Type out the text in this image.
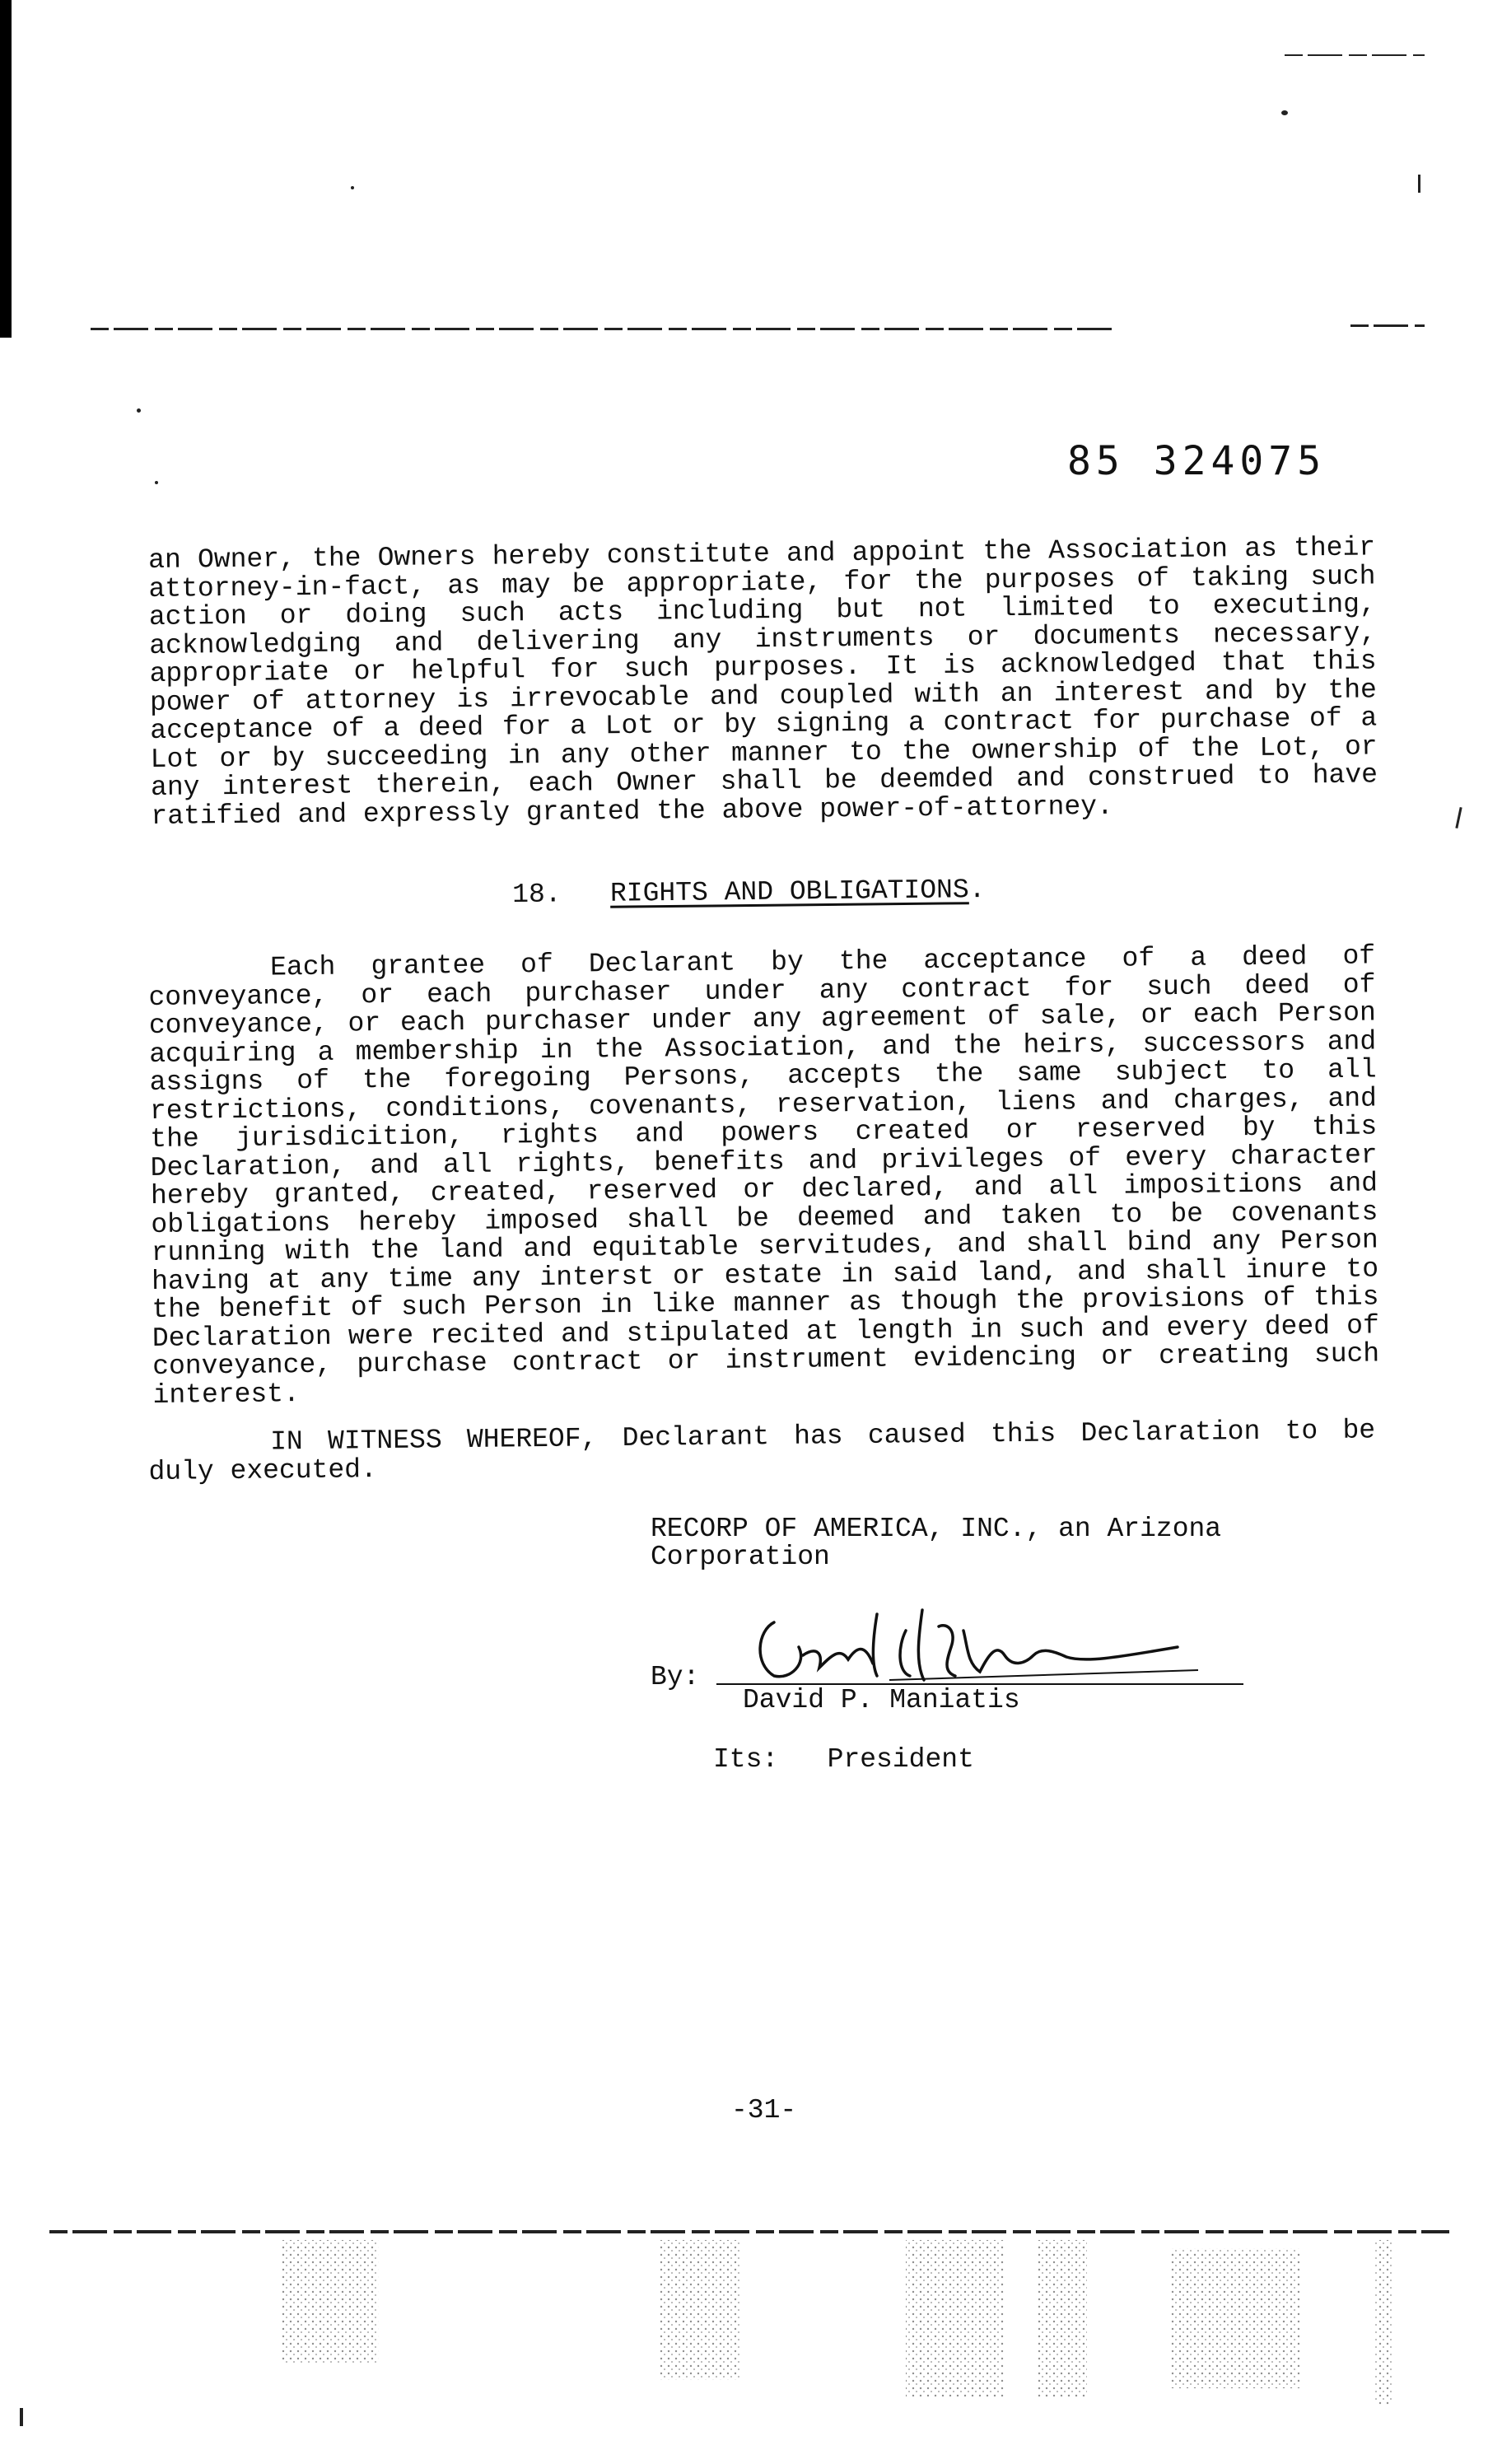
85 324075

an Owner, the Owners hereby constitute and appoint the Association as their attorney-in-fact, as may be appropriate, for the purposes of taking such action or doing such acts including but not limited to executing, acknowledging and delivering any instruments or documents necessary, appropriate or helpful for such purposes. It is acknowledged that this power of attorney is irrevocable and coupled with an interest and by the acceptance of a deed for a Lot or by signing a contract for purchase of a Lot or by succeeding in any other manner to the ownership of the Lot, or any interest therein, each Owner shall be deemded and construed to have ratified and expressly granted the above power-of-attorney.

18. RIGHTS AND OBLIGATIONS.

Each grantee of Declarant by the acceptance of a deed of conveyance, or each purchaser under any contract for such deed of conveyance, or each purchaser under any agreement of sale, or each Person acquiring a membership in the Association, and the heirs, successors and assigns of the foregoing Persons, accepts the same subject to all restrictions, conditions, covenants, reservation, liens and charges, and the jurisdicition, rights and powers created or reserved by this Declaration, and all rights, benefits and privileges of every character hereby granted, created, reserved or declared, and all impositions and obligations hereby imposed shall be deemed and taken to be covenants running with the land and equitable servitudes, and shall bind any Person having at any time any interst or estate in said land, and shall inure to the benefit of such Person in like manner as though the provisions of this Declaration were recited and stipulated at length in such and every deed of conveyance, purchase contract or instrument evidencing or creating such interest.

IN WITNESS WHEREOF, Declarant has caused this Declaration to be duly executed.

RECORP OF AMERICA, INC., an Arizona
Corporation
By:
David P. Maniatis
Its: President
-31-
